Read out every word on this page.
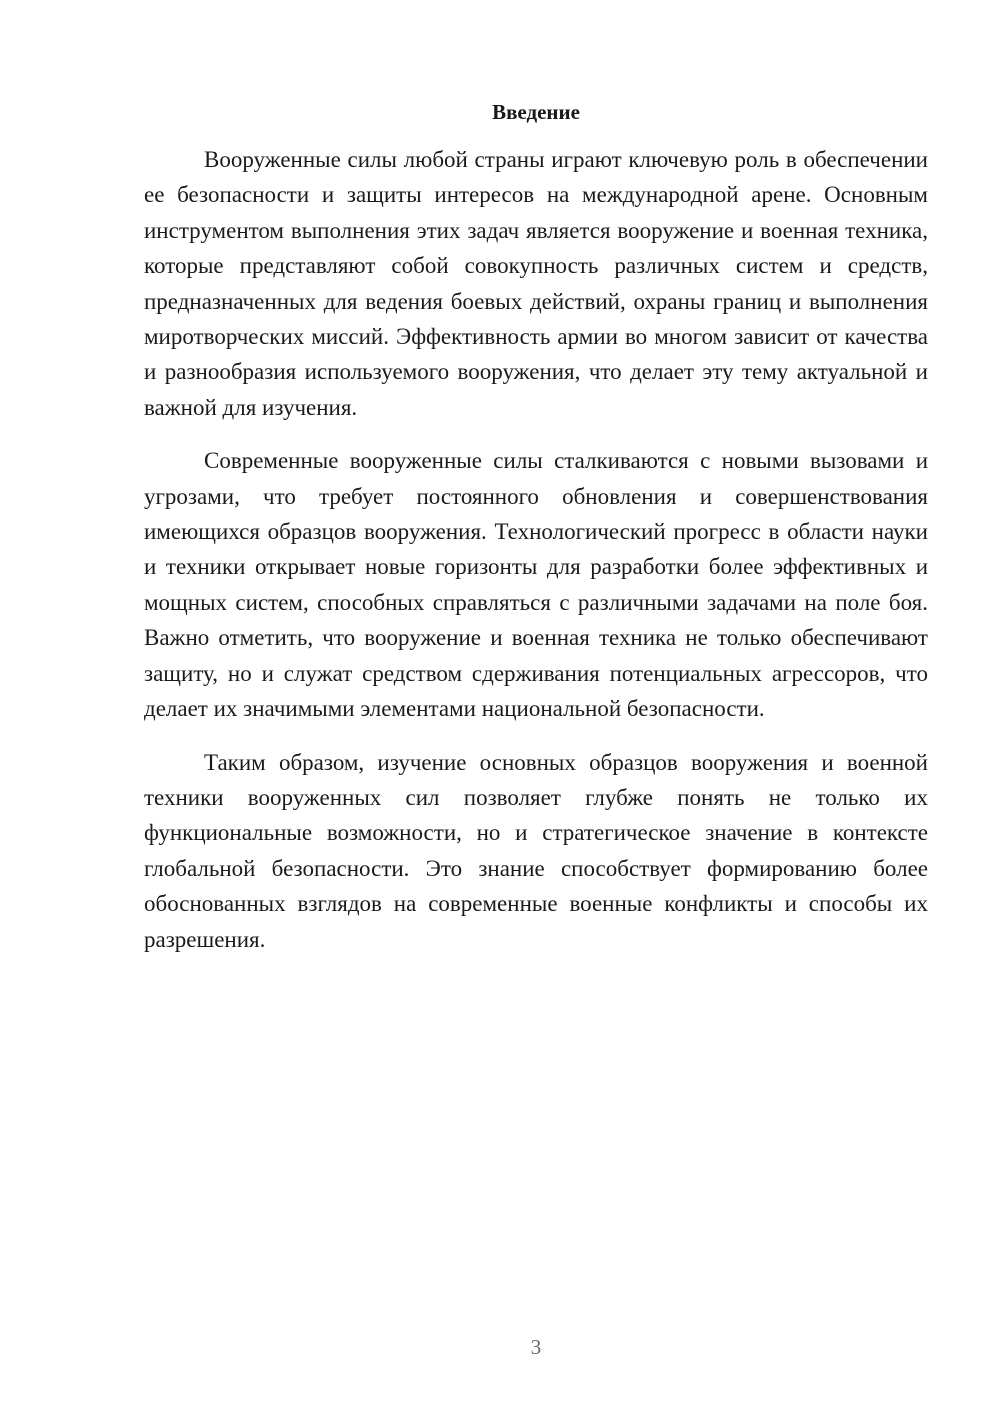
Введение

Вооруженные силы любой страны играют ключевую роль в обеспечении ее безопасности и защиты интересов на международной арене. Основным инструментом выполнения этих задач является вооружение и военная техника, которые представляют собой совокупность различных систем и средств, предназначенных для ведения боевых действий, охраны границ и выполнения миротворческих миссий. Эффективность армии во многом зависит от качества и разнообразия используемого вооружения, что делает эту тему актуальной и важной для изучения.

Современные вооруженные силы сталкиваются с новыми вызовами и угрозами, что требует постоянного обновления и совершенствования имеющихся образцов вооружения. Технологический прогресс в области науки и техники открывает новые горизонты для разработки более эффективных и мощных систем, способных справляться с различными задачами на поле боя. Важно отметить, что вооружение и военная техника не только обеспечивают защиту, но и служат средством сдерживания потенциальных агрессоров, что делает их значимыми элементами национальной безопасности.

Таким образом, изучение основных образцов вооружения и военной техники вооруженных сил позволяет глубже понять не только их функциональные возможности, но и стратегическое значение в контексте глобальной безопасности. Это знание способствует формированию более обоснованных взглядов на современные военные конфликты и способы их разрешения.

3
